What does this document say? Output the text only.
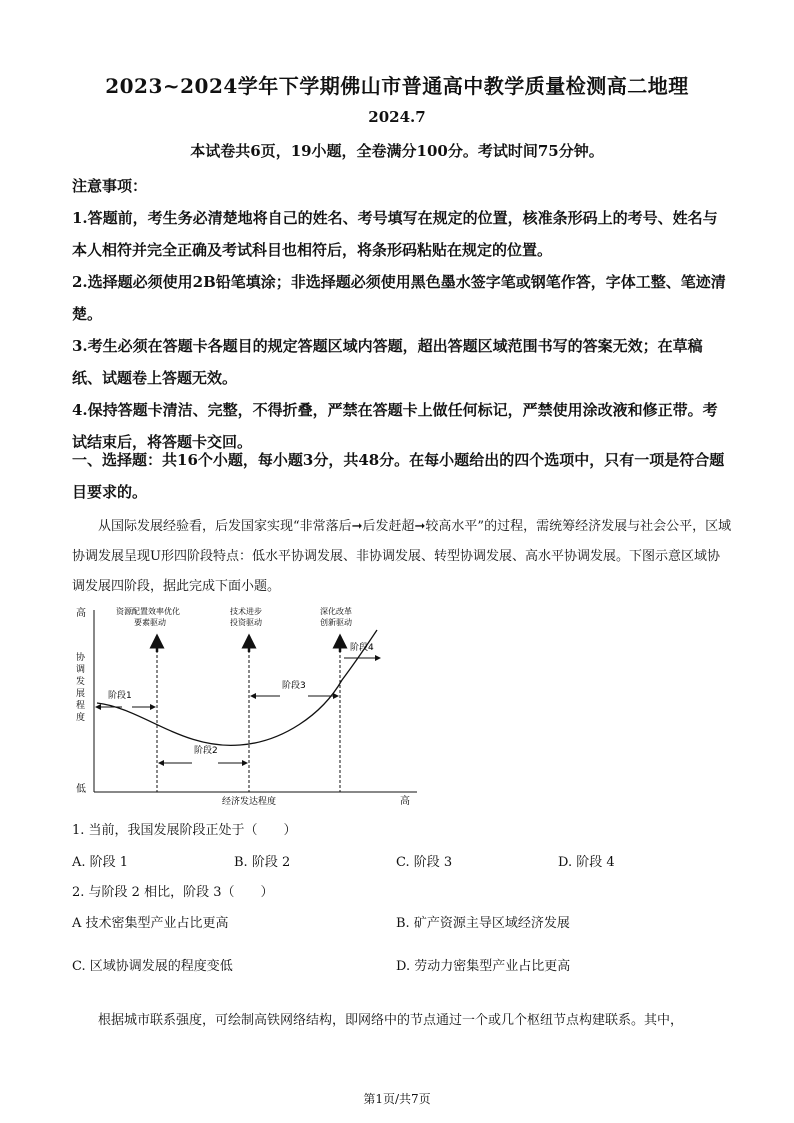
2023~2024学年下学期佛山市普通高中教学质量检测高二地理
2024.7
本试卷共6页，19小题，全卷满分100分。考试时间75分钟。

注意事项：

1.答题前，考生务必清楚地将自己的姓名、考号填写在规定的位置，核准条形码上的考号、姓名与本人相符并完全正确及考试科目也相符后，将条形码粘贴在规定的位置。

2.选择题必须使用2B铅笔填涂；非选择题必须使用黑色墨水签字笔或钢笔作答，字体工整、笔迹清楚。

3.考生必须在答题卡各题目的规定答题区域内答题，超出答题区域范围书写的答案无效；在草稿纸、试题卷上答题无效。

4.保持答题卡清洁、完整，不得折叠，严禁在答题卡上做任何标记，严禁使用涂改液和修正带。考试结束后，将答题卡交回。

一、选择题：共16个小题，每小题3分，共48分。在每小题给出的四个选项中，只有一项是符合题目要求的。
从国际发展经验看，后发国家实现“非常落后➞后发赶超➞较高水平”的过程，需统筹经济发展与社会公平，区域协调发展呈现U形四阶段特点：低水平协调发展、非协调发展、转型协调发展、高水平协调发展。下图示意区域协调发展四阶段，据此完成下面小题。
高
低
协
调
发
展
程
度
经济发达程度	高
资源配置效率优化
要素驱动
技术进步
投资驱动
深化改革
创新驱动
阶段1
阶段2
阶段3
阶段4
1. 当前，我国发展阶段正处于（　　）
A. 阶段 1	B. 阶段 2	C. 阶段 3	D. 阶段 4
2. 与阶段 2 相比，阶段 3（　　）
A 技术密集型产业占比更高	B. 矿产资源主导区域经济发展
C. 区域协调发展的程度变低	D. 劳动力密集型产业占比更高
根据城市联系强度，可绘制高铁网络结构，即网络中的节点通过一个或几个枢纽节点构建联系。其中，
第1页/共7页
